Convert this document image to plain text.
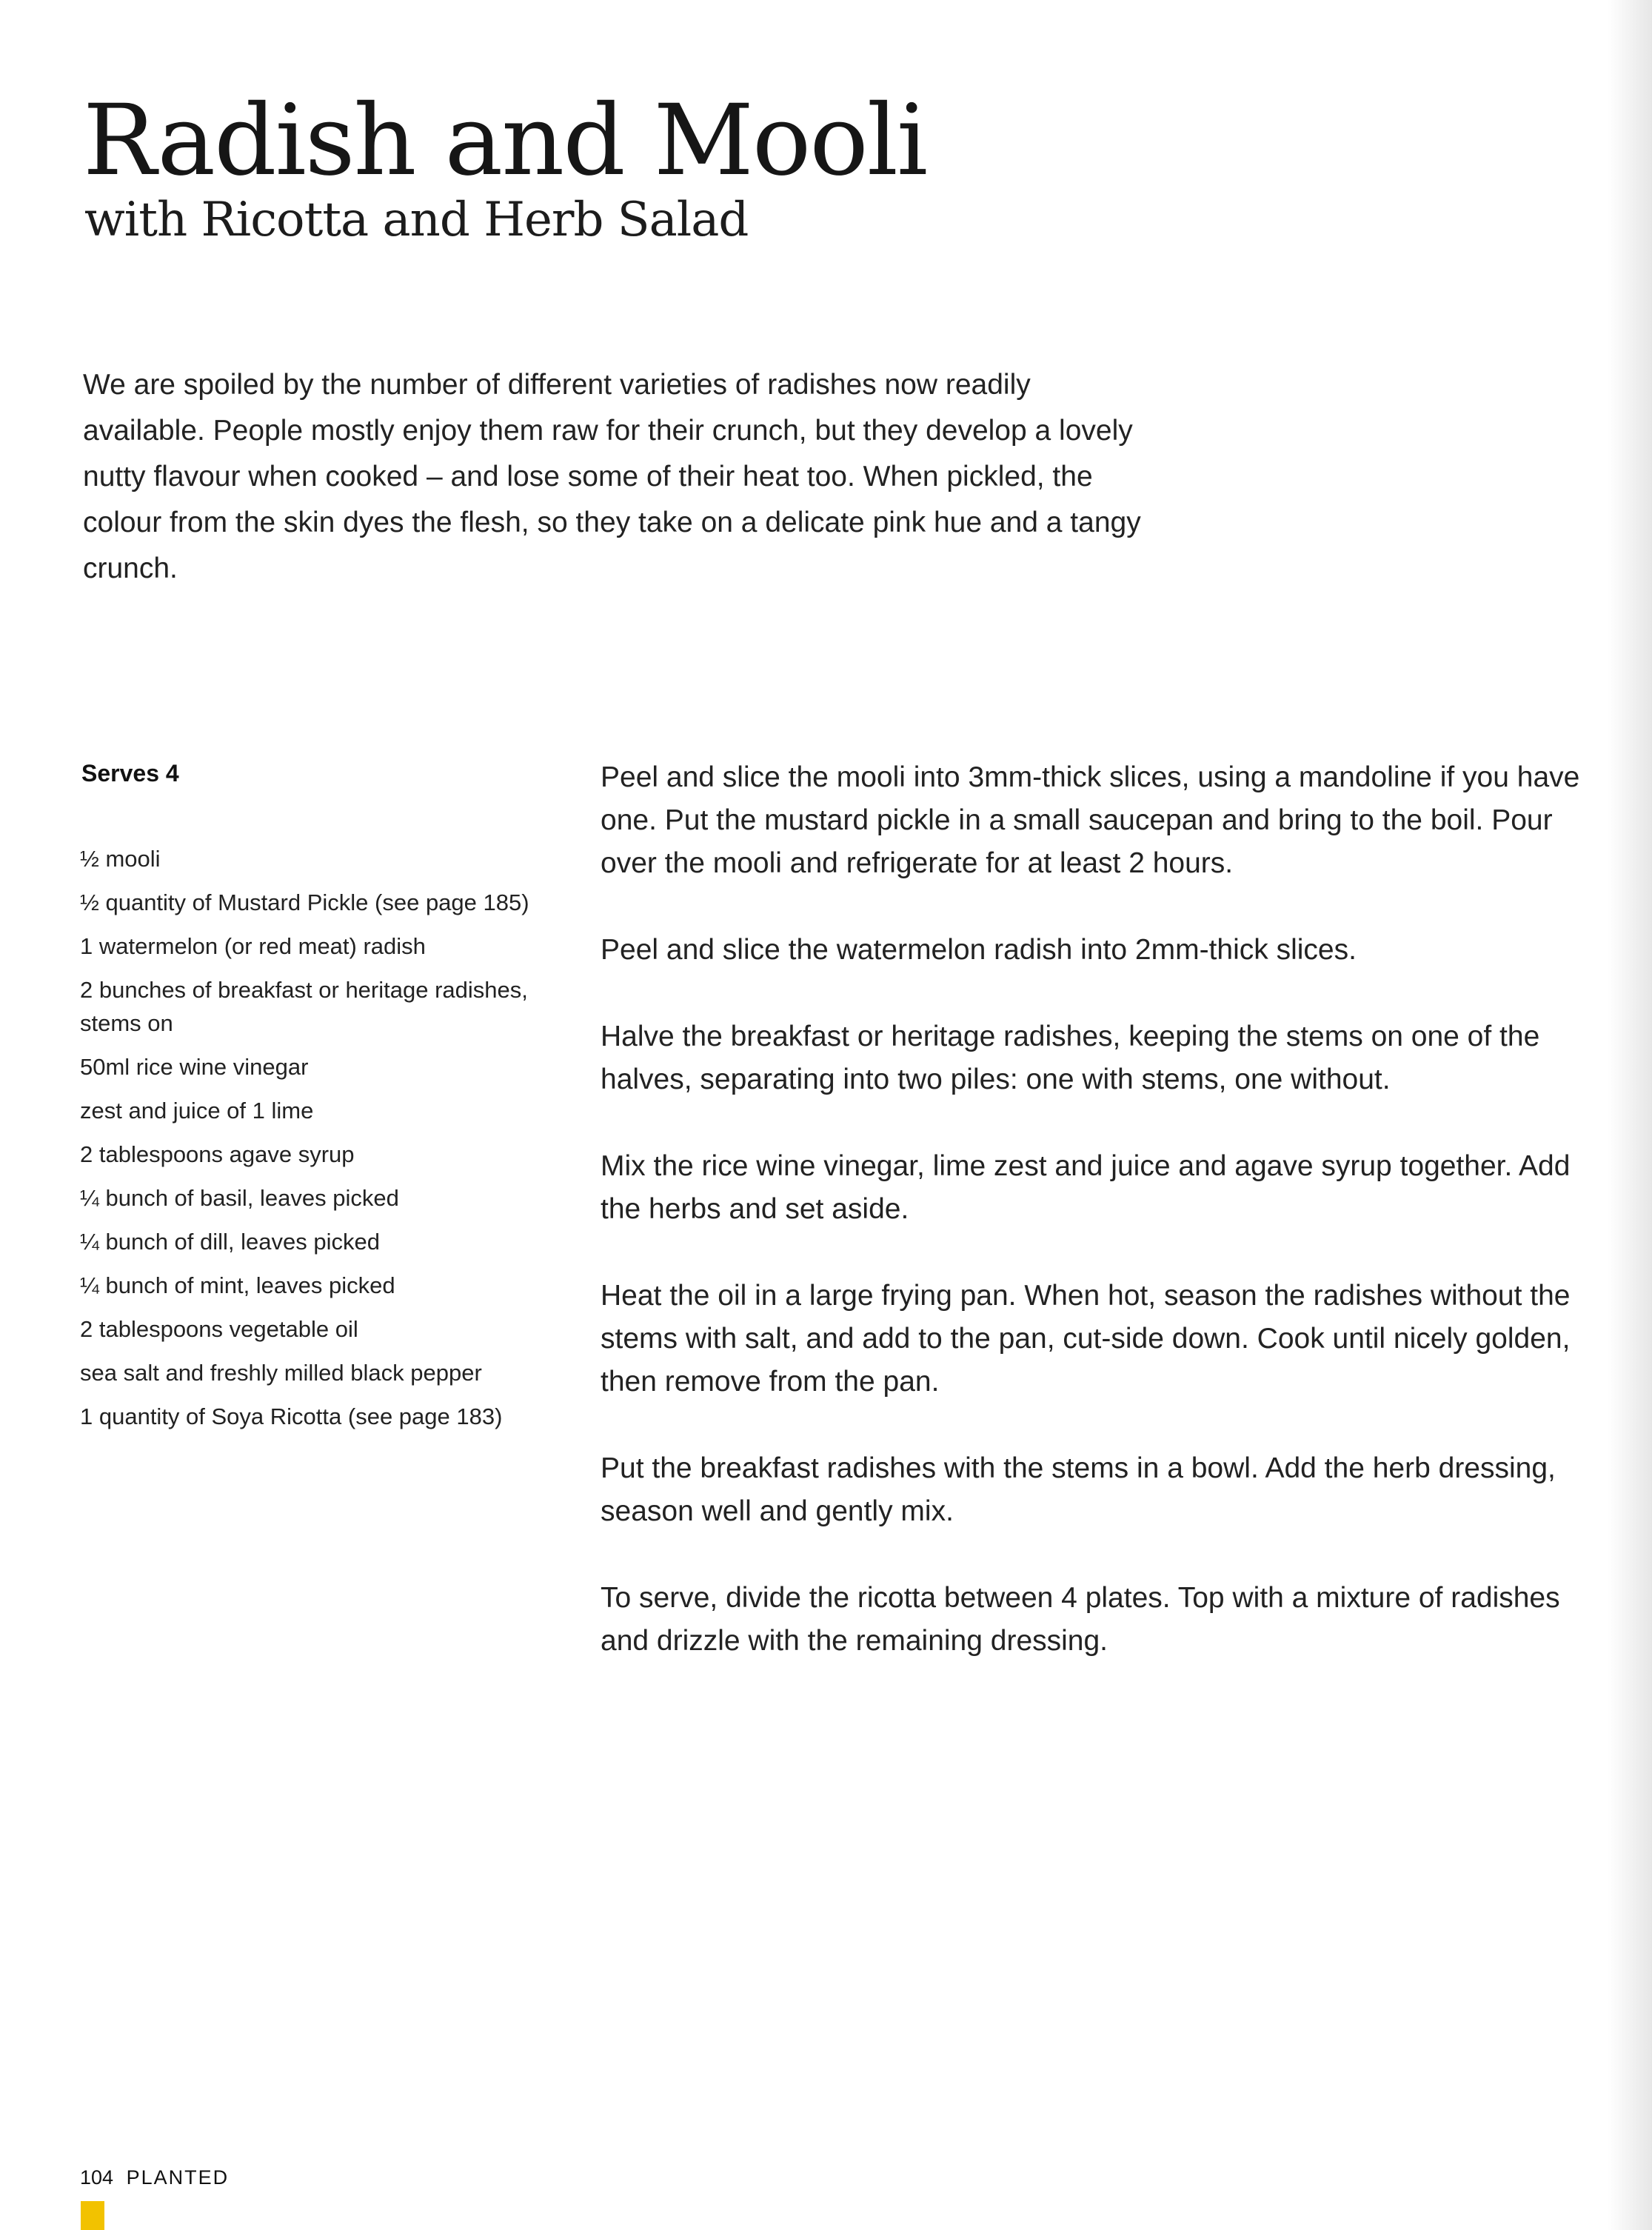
Radish and Mooli
with Ricotta and Herb Salad

We are spoiled by the number of different varieties of radishes now readily available. People mostly enjoy them raw for their crunch, but they develop a lovely nutty flavour when cooked – and lose some of their heat too. When pickled, the colour from the skin dyes the flesh, so they take on a delicate pink hue and a tangy crunch.

Serves 4

½ mooli
½ quantity of Mustard Pickle (see page 185)
1 watermelon (or red meat) radish
2 bunches of breakfast or heritage radishes, stems on
50ml rice wine vinegar
zest and juice of 1 lime
2 tablespoons agave syrup
¼ bunch of basil, leaves picked
¼ bunch of dill, leaves picked
¼ bunch of mint, leaves picked
2 tablespoons vegetable oil
sea salt and freshly milled black pepper
1 quantity of Soya Ricotta (see page 183)

Peel and slice the mooli into 3mm-thick slices, using a mandoline if you have one. Put the mustard pickle in a small saucepan and bring to the boil. Pour over the mooli and refrigerate for at least 2 hours.

Peel and slice the watermelon radish into 2mm-thick slices.

Halve the breakfast or heritage radishes, keeping the stems on one of the halves, separating into two piles: one with stems, one without.

Mix the rice wine vinegar, lime zest and juice and agave syrup together. Add the herbs and set aside.

Heat the oil in a large frying pan. When hot, season the radishes without the stems with salt, and add to the pan, cut-side down. Cook until nicely golden, then remove from the pan.

Put the breakfast radishes with the stems in a bowl. Add the herb dressing, season well and gently mix.

To serve, divide the ricotta between 4 plates. Top with a mixture of radishes and drizzle with the remaining dressing.

104 PLANTED
